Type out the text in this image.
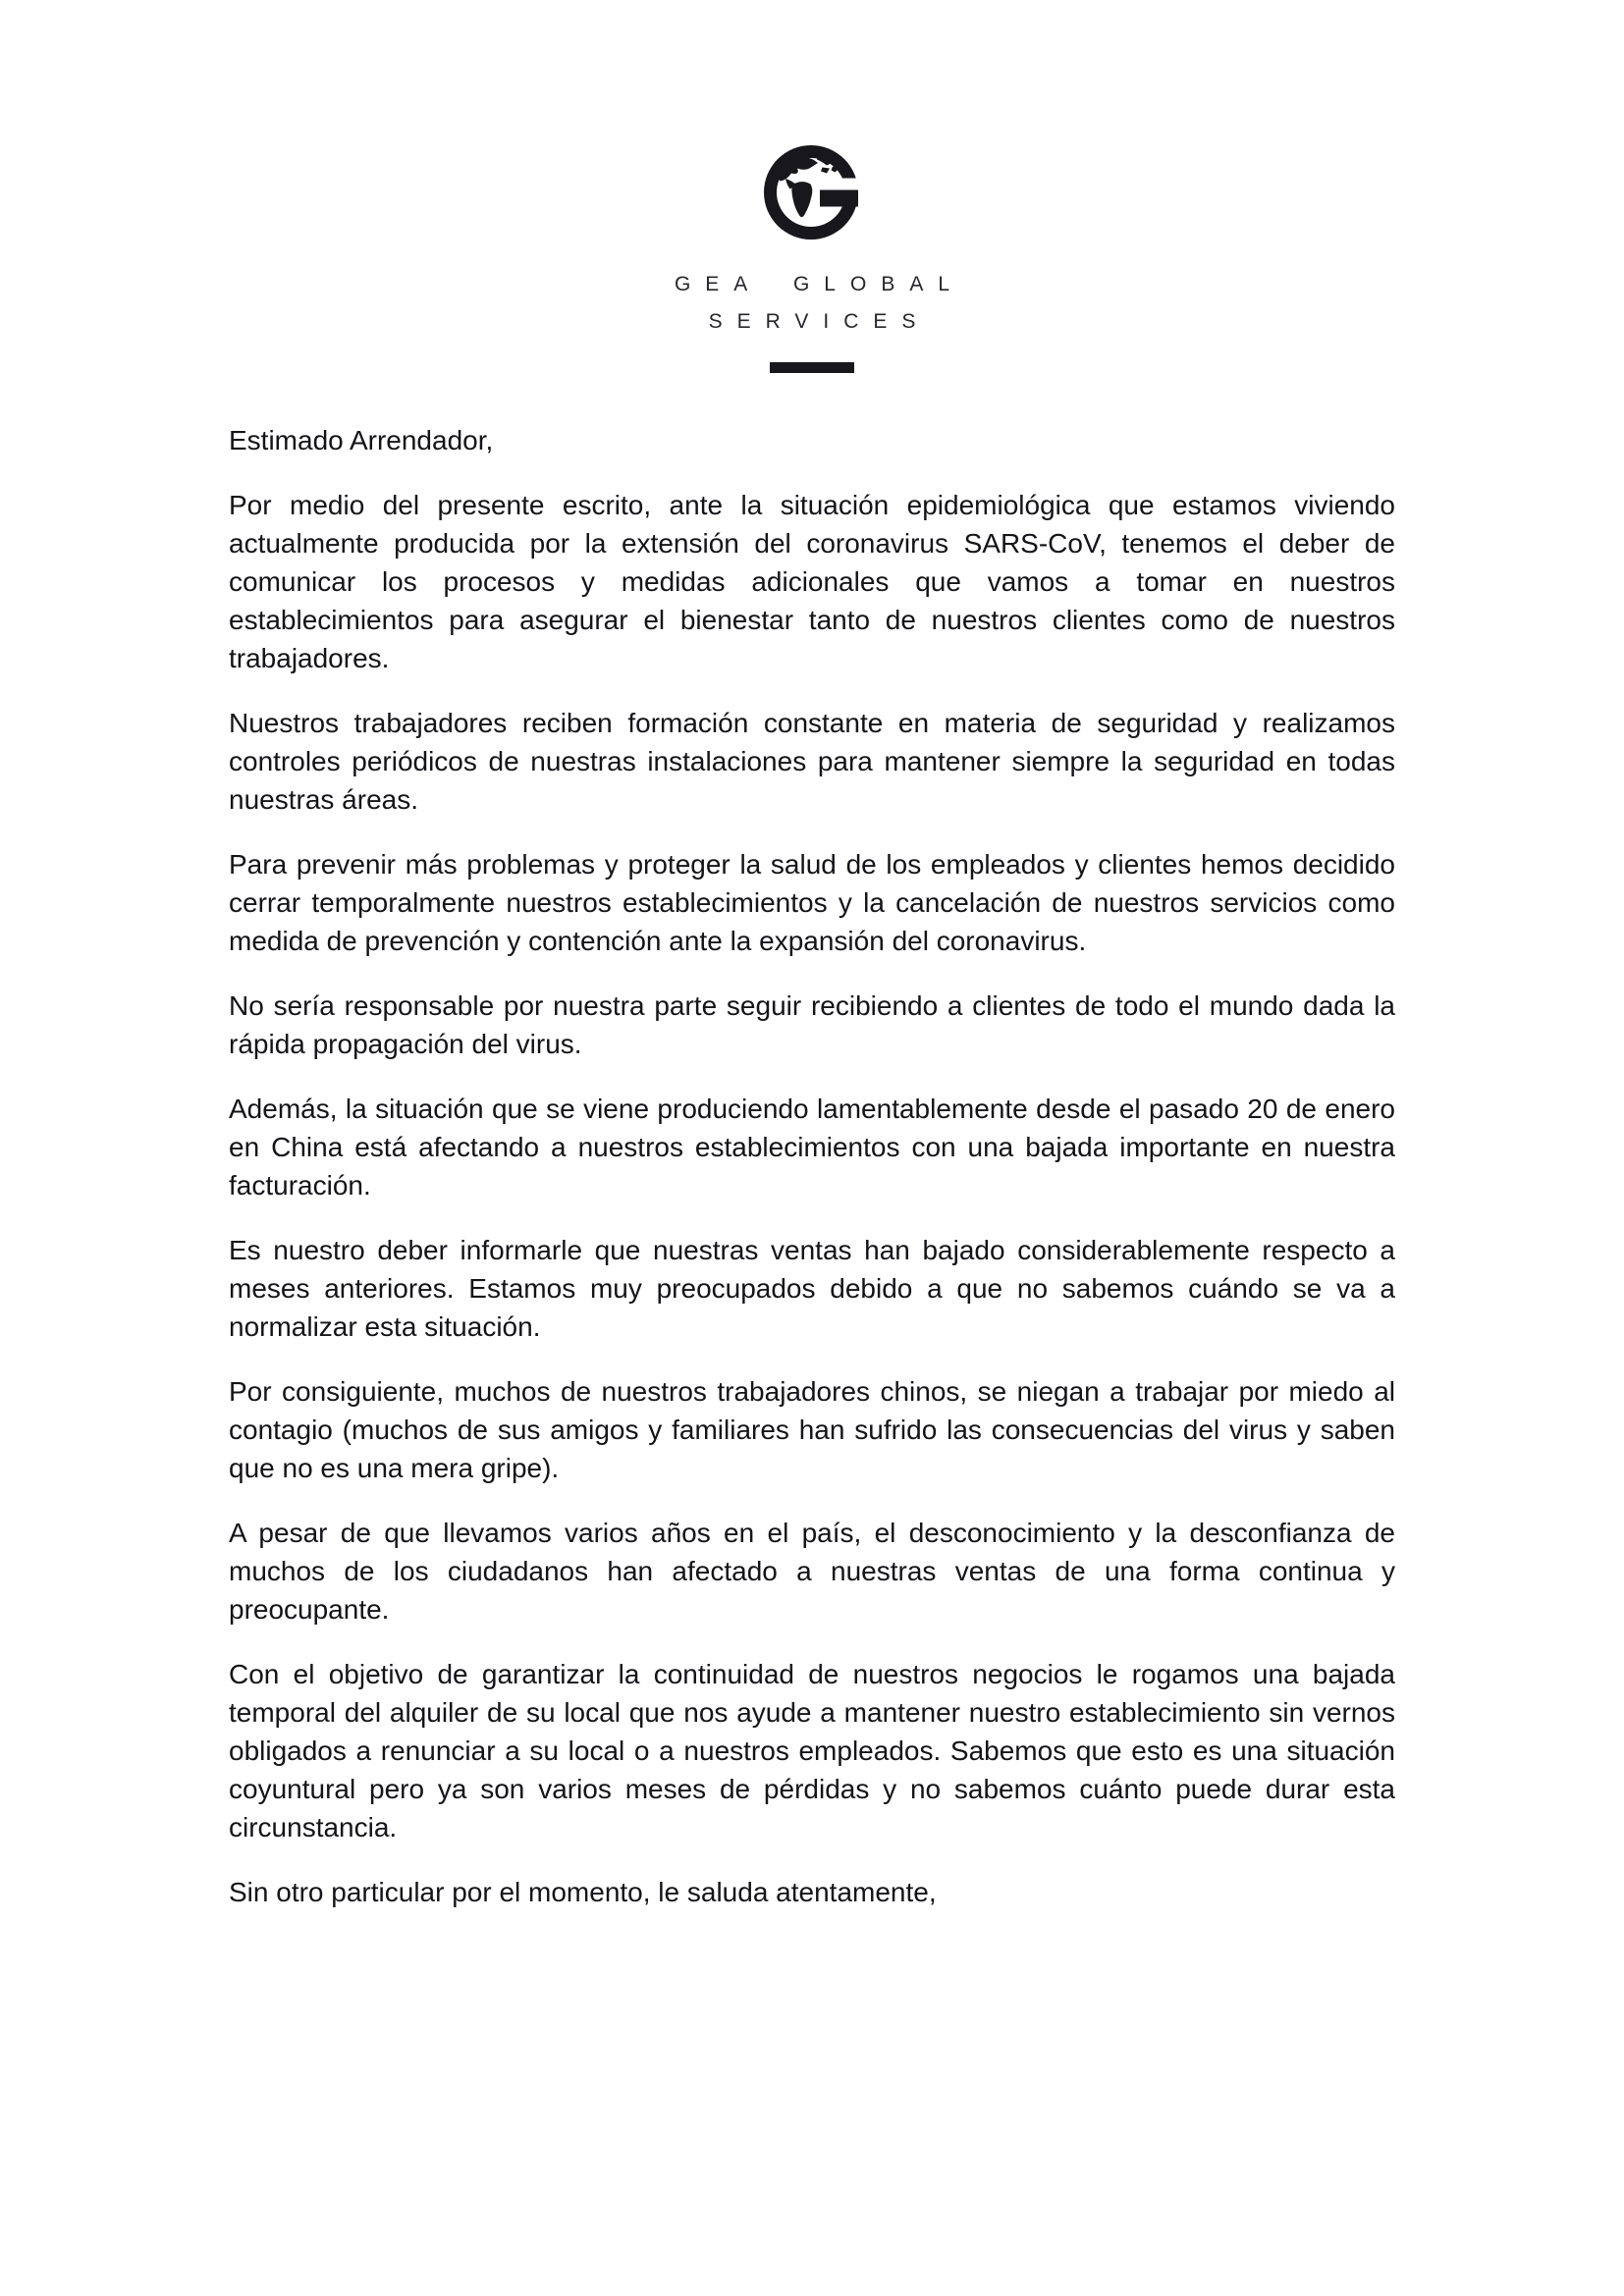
GEA GLOBAL
SERVICES

Estimado Arrendador,

Por medio del presente escrito, ante la situación epidemiológica que estamos viviendo actualmente producida por la extensión del coronavirus SARS-CoV, tenemos el deber de comunicar los procesos y medidas adicionales que vamos a tomar en nuestros establecimientos para asegurar el bienestar tanto de nuestros clientes como de nuestros trabajadores.

Nuestros trabajadores reciben formación constante en materia de seguridad y realizamos controles periódicos de nuestras instalaciones para mantener siempre la seguridad en todas nuestras áreas.

Para prevenir más problemas y proteger la salud de los empleados y clientes hemos decidido cerrar temporalmente nuestros establecimientos y la cancelación de nuestros servicios como medida de prevención y contención ante la expansión del coronavirus.

No sería responsable por nuestra parte seguir recibiendo a clientes de todo el mundo dada la rápida propagación del virus.

Además, la situación que se viene produciendo lamentablemente desde el pasado 20 de enero en China está afectando a nuestros establecimientos con una bajada importante en nuestra facturación.

Es nuestro deber informarle que nuestras ventas han bajado considerablemente respecto a meses anteriores. Estamos muy preocupados debido a que no sabemos cuándo se va a normalizar esta situación.

Por consiguiente, muchos de nuestros trabajadores chinos, se niegan a trabajar por miedo al contagio (muchos de sus amigos y familiares han sufrido las consecuencias del virus y saben que no es una mera gripe).

A pesar de que llevamos varios años en el país, el desconocimiento y la desconfianza de muchos de los ciudadanos han afectado a nuestras ventas de una forma continua y preocupante.

Con el objetivo de garantizar la continuidad de nuestros negocios le rogamos una bajada temporal del alquiler de su local que nos ayude a mantener nuestro establecimiento sin vernos obligados a renunciar a su local o a nuestros empleados. Sabemos que esto es una situación coyuntural pero ya son varios meses de pérdidas y no sabemos cuánto puede durar esta circunstancia.

Sin otro particular por el momento, le saluda atentamente,
